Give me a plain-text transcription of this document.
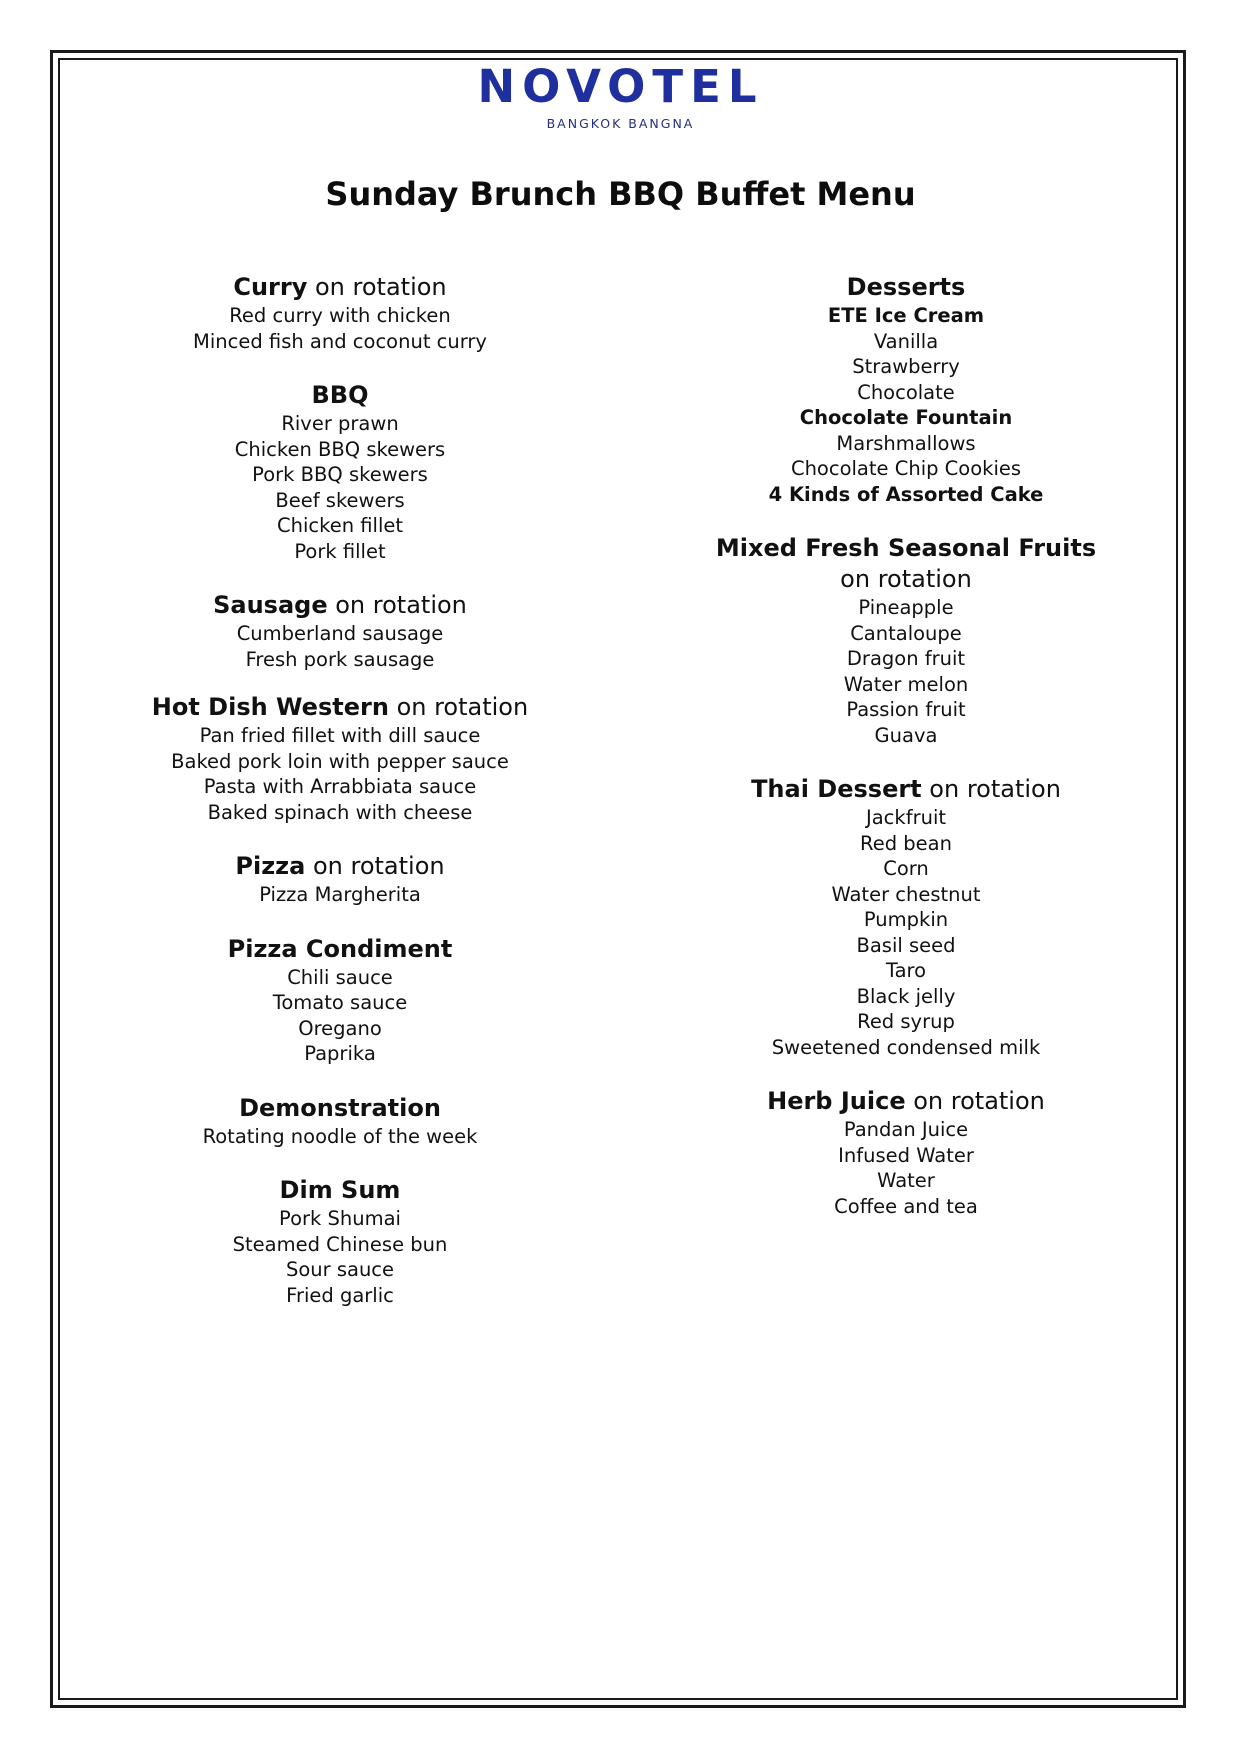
NOVOTEL
BANGKOK BANGNA
Sunday Brunch BBQ Buffet Menu
Curry on rotation
Red curry with chicken
Minced fish and coconut curry
BBQ
River prawn
Chicken BBQ skewers
Pork BBQ skewers
Beef skewers
Chicken fillet
Pork fillet
Sausage on rotation
Cumberland sausage
Fresh pork sausage
Hot Dish Western on rotation
Pan fried fillet with dill sauce
Baked pork loin with pepper sauce
Pasta with Arrabbiata sauce
Baked spinach with cheese
Pizza on rotation
Pizza Margherita
Pizza Condiment
Chili sauce
Tomato sauce
Oregano
Paprika
Demonstration
Rotating noodle of the week
Dim Sum
Pork Shumai
Steamed Chinese bun
Sour sauce
Fried garlic
Desserts
ETE Ice Cream
Vanilla
Strawberry
Chocolate
Chocolate Fountain
Marshmallows
Chocolate Chip Cookies
4 Kinds of Assorted Cake
Mixed Fresh Seasonal Fruits
on rotation
Pineapple
Cantaloupe
Dragon fruit
Water melon
Passion fruit
Guava
Thai Dessert on rotation
Jackfruit
Red bean
Corn
Water chestnut
Pumpkin
Basil seed
Taro
Black jelly
Red syrup
Sweetened condensed milk
Herb Juice on rotation
Pandan Juice
Infused Water
Water
Coffee and tea
